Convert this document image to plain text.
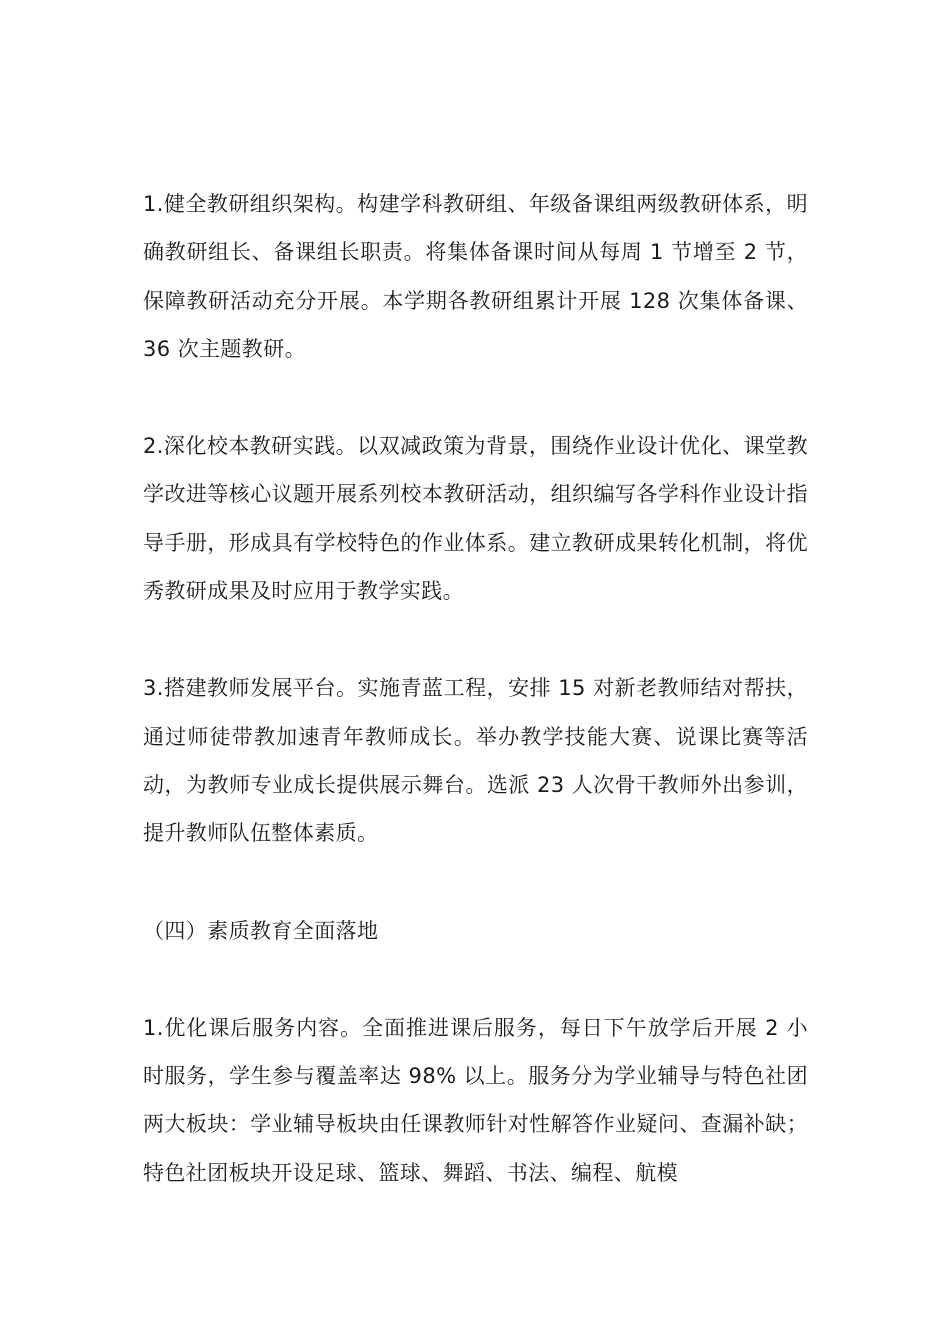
1.健全教研组织架构。构建学科教研组、年级备课组两级教研体系，明确教研组长、备课组长职责。将集体备课时间从每周 1 节增至 2 节，保障教研活动充分开展。本学期各教研组累计开展 128 次集体备课、36 次主题教研。

2.深化校本教研实践。以双减政策为背景，围绕作业设计优化、课堂教学改进等核心议题开展系列校本教研活动，组织编写各学科作业设计指导手册，形成具有学校特色的作业体系。建立教研成果转化机制，将优秀教研成果及时应用于教学实践。

3.搭建教师发展平台。实施青蓝工程，安排 15 对新老教师结对帮扶，通过师徒带教加速青年教师成长。举办教学技能大赛、说课比赛等活动，为教师专业成长提供展示舞台。选派 23 人次骨干教师外出参训，提升教师队伍整体素质。

（四）素质教育全面落地

1.优化课后服务内容。全面推进课后服务，每日下午放学后开展 2 小时服务，学生参与覆盖率达 98% 以上。服务分为学业辅导与特色社团两大板块：学业辅导板块由任课教师针对性解答作业疑问、查漏补缺；特色社团板块开设足球、篮球、舞蹈、书法、编程、航模
